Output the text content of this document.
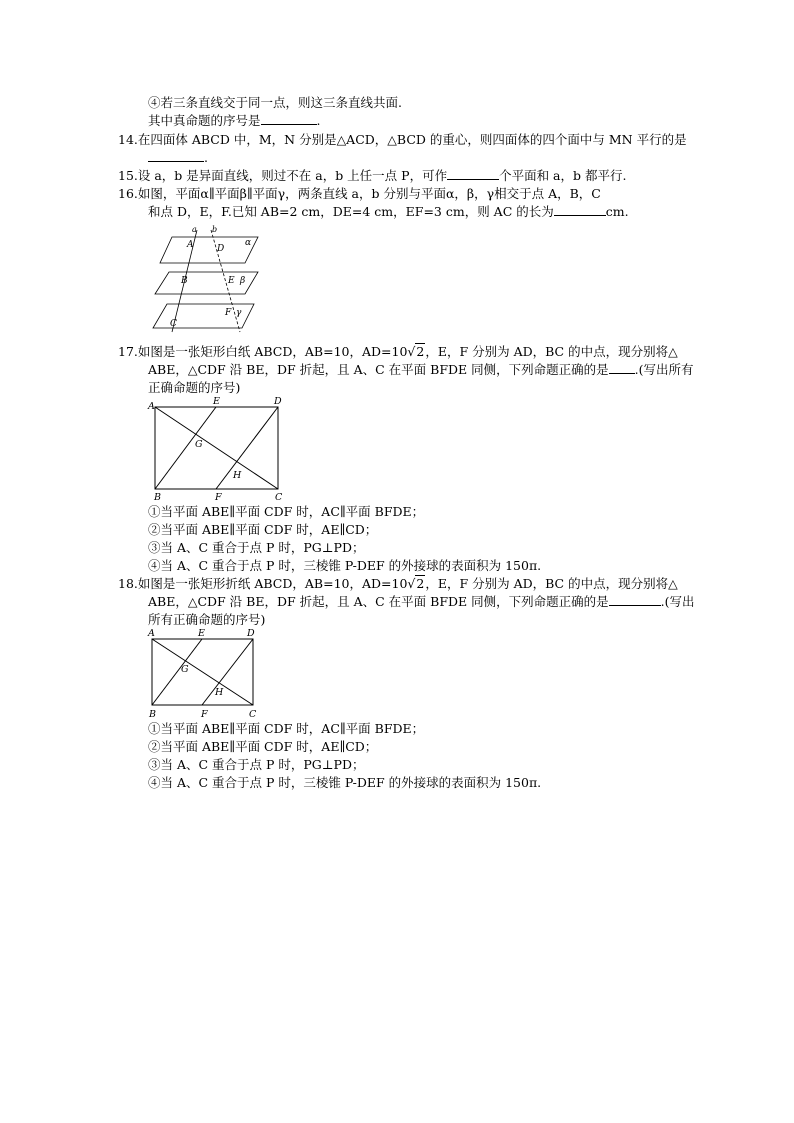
④若三条直线交于同一点，则这三条直线共面.
其中真命题的序号是	.
14.在四面体 ABCD 中，M，N 分别是△ACD，△BCD 的重心，则四面体的四个面中与 MN 平行的是
.
15.设 a，b 是异面直线，则过不在 a，b 上任一点 P，可作	个平面和 a，b 都平行.
16.如图，平面α∥平面β∥平面γ，两条直线 a，b 分别与平面α，β，γ相交于点 A，B，C
和点 D，E，F.已知 AB=2 cm，DE=4 cm，EF=3 cm，则 AC 的长为	cm.
a b
A	D
α
B	E β
F γ
C
17.如图是一张矩形白纸 ABCD，AB=10，AD=10√2，E，F 分别为 AD，BC 的中点，现分别将△
ABE，△CDF 沿 BE，DF 折起，且 A、C 在平面 BFDE 同侧，下列命题正确的是 .(写出所有
正确命题的序号)
A	E	D
G
H
B	F	C
①当平面 ABE∥平面 CDF 时，AC∥平面 BFDE；
②当平面 ABE∥平面 CDF 时，AE∥CD；
③当 A、C 重合于点 P 时，PG⊥PD；
④当 A、C 重合于点 P 时，三棱锥 P-DEF 的外接球的表面积为 150π.
18.如图是一张矩形折纸 ABCD，AB=10，AD=10√2，E，F 分别为 AD，BC 的中点，现分别将△
ABE，△CDF 沿 BE，DF 折起，且 A、C 在平面 BFDE 同侧，下列命题正确的是	.(写出
所有正确命题的序号)
A	E	D
G
H
B	F	C
①当平面 ABE∥平面 CDF 时，AC∥平面 BFDE；
②当平面 ABE∥平面 CDF 时，AE∥CD；
③当 A、C 重合于点 P 时，PG⊥PD；
④当 A、C 重合于点 P 时，三棱锥 P-DEF 的外接球的表面积为 150π.
